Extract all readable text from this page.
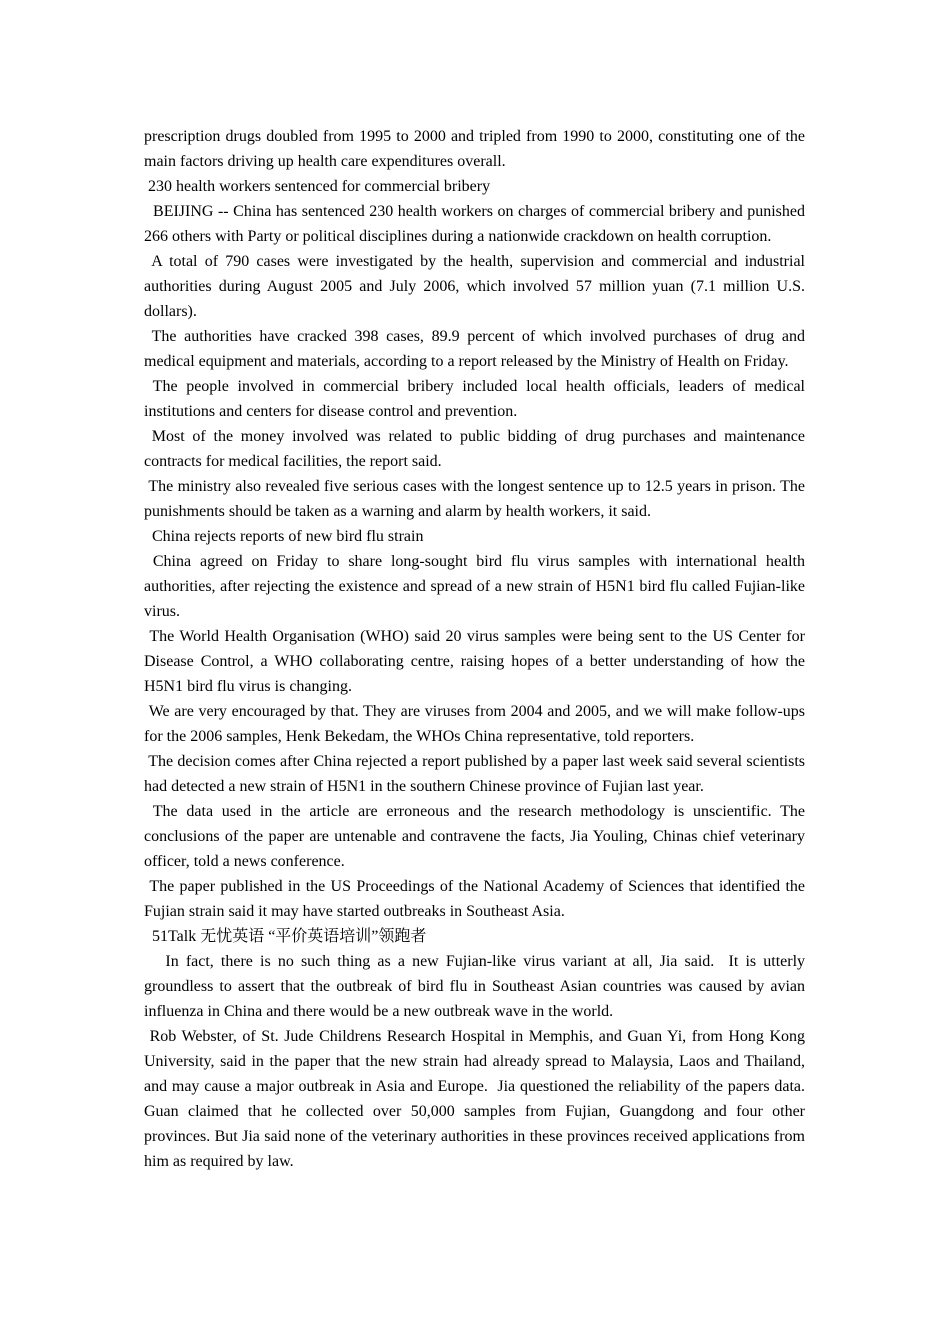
prescription drugs doubled from 1995 to 2000 and tripled from 1990 to 2000, constituting one of the main factors driving up health care expenditures overall.

230 health workers sentenced for commercial bribery

BEIJING -- China has sentenced 230 health workers on charges of commercial bribery and punished 266 others with Party or political disciplines during a nationwide crackdown on health corruption.

A total of 790 cases were investigated by the health, supervision and commercial and industrial authorities during August 2005 and July 2006, which involved 57 million yuan (7.1 million U.S. dollars).

The authorities have cracked 398 cases, 89.9 percent of which involved purchases of drug and medical equipment and materials, according to a report released by the Ministry of Health on Friday.

The people involved in commercial bribery included local health officials, leaders of medical institutions and centers for disease control and prevention.

Most of the money involved was related to public bidding of drug purchases and maintenance contracts for medical facilities, the report said.

The ministry also revealed five serious cases with the longest sentence up to 12.5 years in prison. The punishments should be taken as a warning and alarm by health workers, it said.

China rejects reports of new bird flu strain

China agreed on Friday to share long-sought bird flu virus samples with international health authorities, after rejecting the existence and spread of a new strain of H5N1 bird flu called Fujian-like virus.

The World Health Organisation (WHO) said 20 virus samples were being sent to the US Center for Disease Control, a WHO collaborating centre, raising hopes of a better understanding of how the H5N1 bird flu virus is changing.

We are very encouraged by that. They are viruses from 2004 and 2005, and we will make follow-ups for the 2006 samples, Henk Bekedam, the WHOs China representative, told reporters.

The decision comes after China rejected a report published by a paper last week said several scientists had detected a new strain of H5N1 in the southern Chinese province of Fujian last year.

The data used in the article are erroneous and the research methodology is unscientific. The conclusions of the paper are untenable and contravene the facts, Jia Youling, Chinas chief veterinary officer, told a news conference.

The paper published in the US Proceedings of the National Academy of Sciences that identified the Fujian strain said it may have started outbreaks in Southeast Asia.

51Talk 无忧英语 “平价英语培训”领跑者

In fact, there is no such thing as a new Fujian-like virus variant at all, Jia said.  It is utterly groundless to assert that the outbreak of bird flu in Southeast Asian countries was caused by avian influenza in China and there would be a new outbreak wave in the world.

Rob Webster, of St. Jude Childrens Research Hospital in Memphis, and Guan Yi, from Hong Kong University, said in the paper that the new strain had already spread to Malaysia, Laos and Thailand, and may cause a major outbreak in Asia and Europe.  Jia questioned the reliability of the papers data. Guan claimed that he collected over 50,000 samples from Fujian, Guangdong and four other provinces. But Jia said none of the veterinary authorities in these provinces received applications from him as required by law.
